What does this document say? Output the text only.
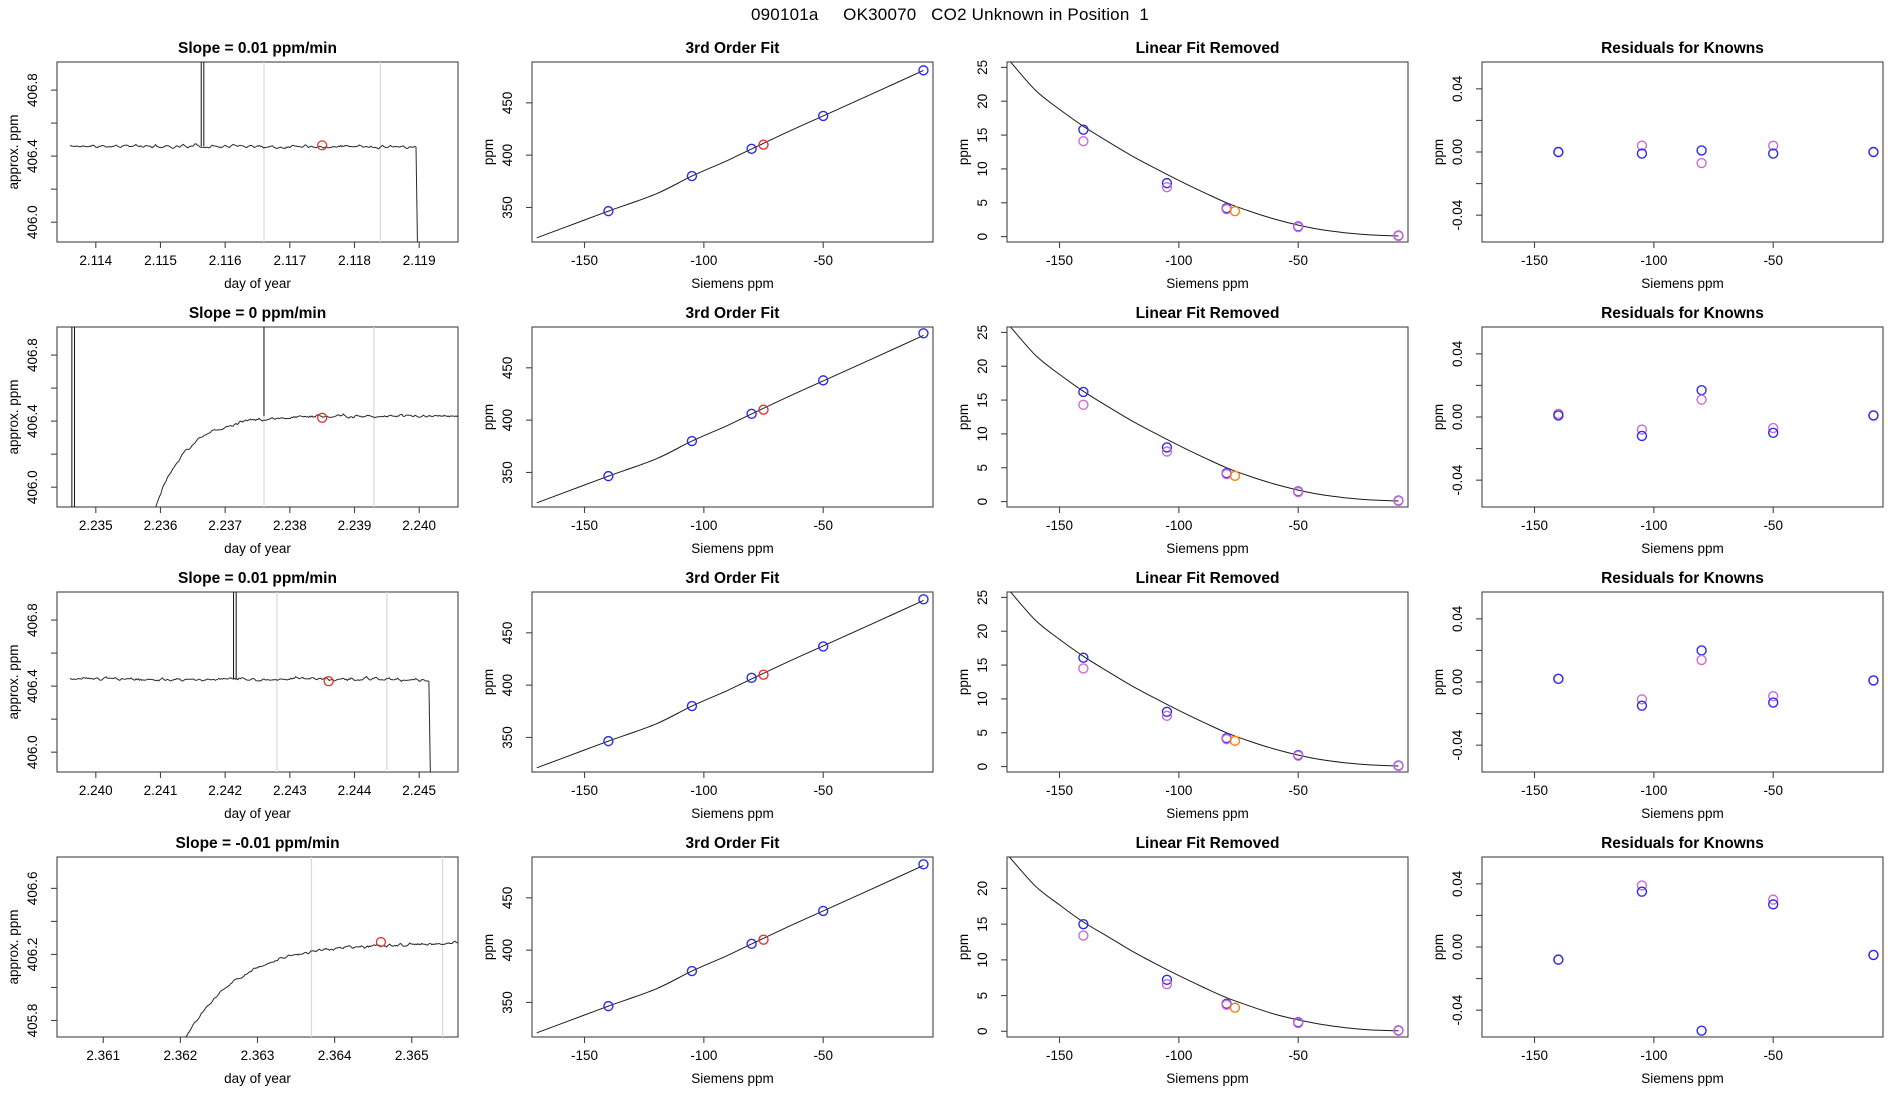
090101a     OK30070   CO2 Unknown in Position  1
2.114 2.115 2.116 2.117 2.118 2.119
406.0
406.4
406.8
Slope = 0.01 ppm/min
day of year
approx. ppm
-150	-100	-50
350
400
450
3rd Order Fit
Siemens ppm
ppm
-150	-100	-50
0
5
10
15
20
25
Linear Fit Removed
Siemens ppm
ppm
-150	-100	-50
-0.04
0.00
0.04
Residuals for Knowns
Siemens ppm
ppm
2.235 2.236 2.237 2.238 2.239 2.240
406.0
406.4
406.8
Slope = 0 ppm/min
day of year
approx. ppm
-150	-100	-50
350
400
450
3rd Order Fit
Siemens ppm
ppm
-150	-100	-50
0
5
10
15
20
25
Linear Fit Removed
Siemens ppm
ppm
-150	-100	-50
-0.04
0.00
0.04
Residuals for Knowns
Siemens ppm
ppm
2.240 2.241 2.242 2.243 2.244 2.245
406.0
406.4
406.8
Slope = 0.01 ppm/min
day of year
approx. ppm
-150	-100	-50
350
400
450
3rd Order Fit
Siemens ppm
ppm
-150	-100	-50
0
5
10
15
20
25
Linear Fit Removed
Siemens ppm
ppm
-150	-100	-50
-0.04
0.00
0.04
Residuals for Knowns
Siemens ppm
ppm
2.361	2.362	2.363	2.364	2.365
405.8
406.2
406.6
Slope = -0.01 ppm/min
day of year
approx. ppm
-150	-100	-50
350
400
450
3rd Order Fit
Siemens ppm
ppm
-150	-100	-50
0
5
10
15
20
Linear Fit Removed
Siemens ppm
ppm
-150	-100	-50
-0.04
0.00
0.04
Residuals for Knowns
Siemens ppm
ppm
